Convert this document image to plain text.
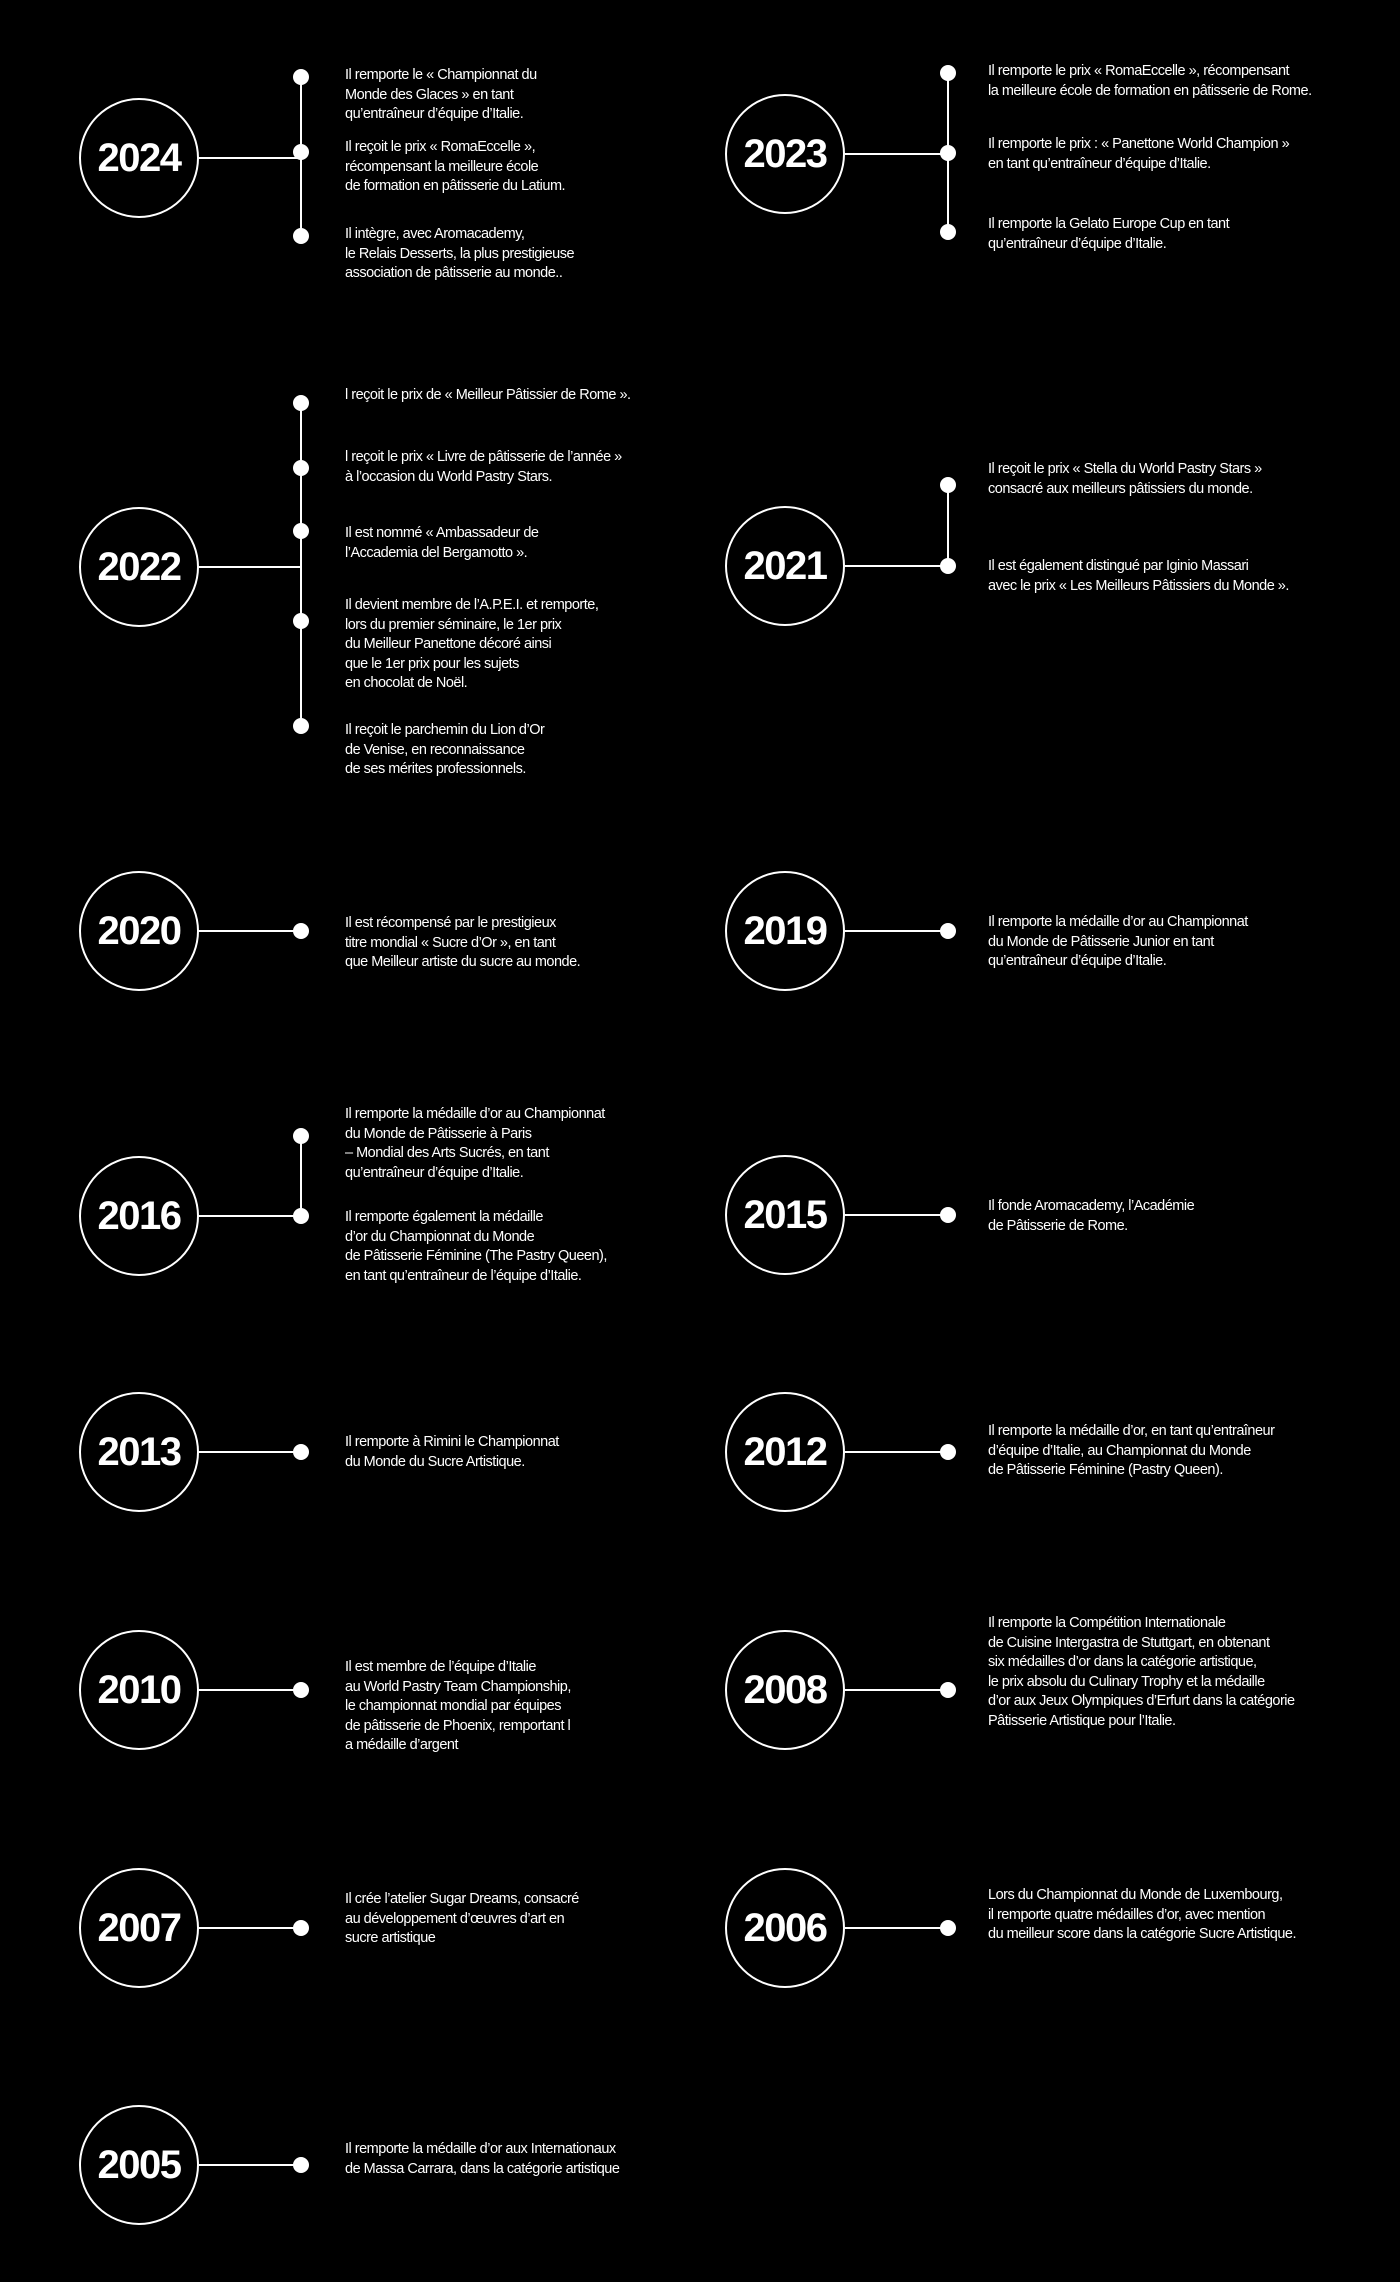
2024
Il remporte le « Championnat du
Monde des Glaces » en tant
qu’entraîneur d’équipe d’Italie.
Il reçoit le prix « RomaEccelle »,
récompensant la meilleure école
de formation en pâtisserie du Latium.
Il intègre, avec Aromacademy,
le Relais Desserts, la plus prestigieuse
association de pâtisserie au monde..
2023
Il remporte le prix « RomaEccelle », récompensant
la meilleure école de formation en pâtisserie de Rome.
Il remporte le prix : « Panettone World Champion »
en tant qu’entraîneur d’équipe d’Italie.
Il remporte la Gelato Europe Cup en tant
qu’entraîneur d’équipe d’Italie.
2022
l reçoit le prix de « Meilleur Pâtissier de Rome ».
l reçoit le prix « Livre de pâtisserie de l’année »
à l’occasion du World Pastry Stars.
Il est nommé « Ambassadeur de
l’Accademia del Bergamotto ».
Il devient membre de l’A.P.E.I. et remporte,
lors du premier séminaire, le 1er prix
du Meilleur Panettone décoré ainsi
que le 1er prix pour les sujets
en chocolat de Noël.
Il reçoit le parchemin du Lion d’Or
de Venise, en reconnaissance
de ses mérites professionnels.
2021
Il reçoit le prix « Stella du World Pastry Stars »
consacré aux meilleurs pâtissiers du monde.
Il est également distingué par Iginio Massari
avec le prix « Les Meilleurs Pâtissiers du Monde ».
2020	Il est récompensé par le prestigieux
titre mondial « Sucre d’Or », en tant
que Meilleur artiste du sucre au monde.
2019	Il remporte la médaille d’or au Championnat
du Monde de Pâtisserie Junior en tant
qu’entraîneur d’équipe d’Italie.
2016
Il remporte la médaille d’or au Championnat
du Monde de Pâtisserie à Paris
– Mondial des Arts Sucrés, en tant
qu’entraîneur d’équipe d’Italie.
Il remporte également la médaille
d’or du Championnat du Monde
de Pâtisserie Féminine (The Pastry Queen),
en tant qu’entraîneur de l’équipe d’Italie.
2015	Il fonde Aromacademy, l’Académie
de Pâtisserie de Rome.
2013	Il remporte à Rimini le Championnat
du Monde du Sucre Artistique.	2012	Il remporte la médaille d’or, en tant qu’entraîneur
d’équipe d’Italie, au Championnat du Monde
de Pâtisserie Féminine (Pastry Queen).
2010
Il est membre de l’équipe d’Italie
au World Pastry Team Championship,
le championnat mondial par équipes
de pâtisserie de Phoenix, remportant l
a médaille d’argent
2008
Il remporte la Compétition Internationale
de Cuisine Intergastra de Stuttgart, en obtenant
six médailles d’or dans la catégorie artistique,
le prix absolu du Culinary Trophy et la médaille
d’or aux Jeux Olympiques d’Erfurt dans la catégorie
Pâtisserie Artistique pour l’Italie.
2007
Il crée l’atelier Sugar Dreams, consacré
au développement d’œuvres d’art en
sucre artistique	2006
Lors du Championnat du Monde de Luxembourg,
il remporte quatre médailles d’or, avec mention
du meilleur score dans la catégorie Sucre Artistique.
2005	Il remporte la médaille d’or aux Internationaux
de Massa Carrara, dans la catégorie artistique
